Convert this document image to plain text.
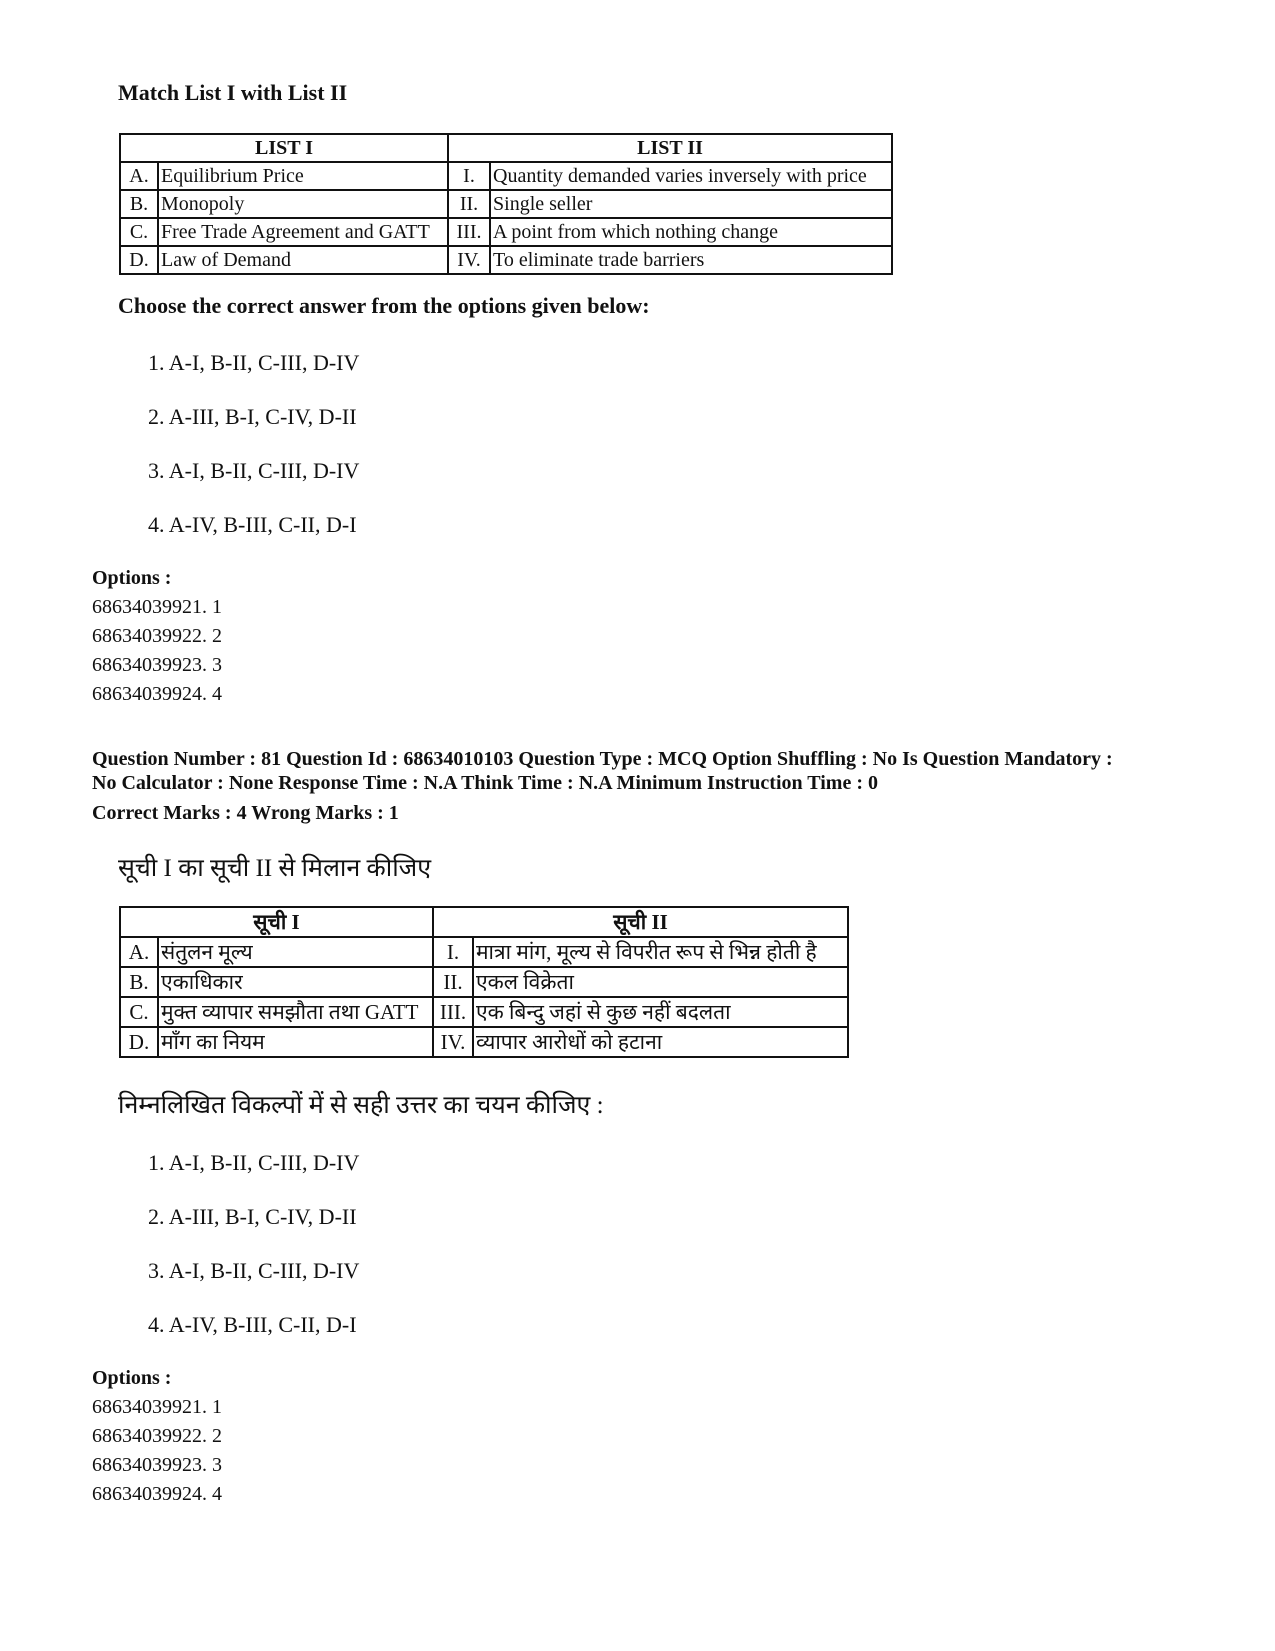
Match List I with List II
LIST I		LIST II	
A.	Equilibrium Price	I.	Quantity demanded varies inversely with price
B.	Monopoly	II.	Single seller
C.	Free Trade Agreement and GATT	III.	A point from which nothing change
D.	Law of Demand	IV.	To eliminate trade barriers
Choose the correct answer from the options given below:
1. A-I, B-II, C-III, D-IV
2. A-III, B-I, C-IV, D-II
3. A-I, B-II, C-III, D-IV
4. A-IV, B-III, C-II, D-I
Options :
68634039921. 1
68634039922. 2
68634039923. 3
68634039924. 4
Question Number : 81 Question Id : 68634010103 Question Type : MCQ Option Shuffling : No Is Question Mandatory :
No Calculator : None Response Time : N.A Think Time : N.A Minimum Instruction Time : 0
Correct Marks : 4 Wrong Marks : 1
सूची I का सूची II से मिलान कीजिए
सूची I		सूची II	
A.	संतुलन मूल्य	I.	मात्रा मांग, मूल्य से विपरीत रूप से भिन्न होती है
B.	एकाधिकार	II.	एकल विक्रेता
C.	मुक्त व्यापार समझौता तथा GATT	III.	एक बिन्दु जहां से कुछ नहीं बदलता
D.	माँग का नियम	IV.	व्यापार आरोधों को हटाना
निम्नलिखित विकल्पों में से सही उत्तर का चयन कीजिए :
1. A-I, B-II, C-III, D-IV
2. A-III, B-I, C-IV, D-II
3. A-I, B-II, C-III, D-IV
4. A-IV, B-III, C-II, D-I
Options :
68634039921. 1
68634039922. 2
68634039923. 3
68634039924. 4
